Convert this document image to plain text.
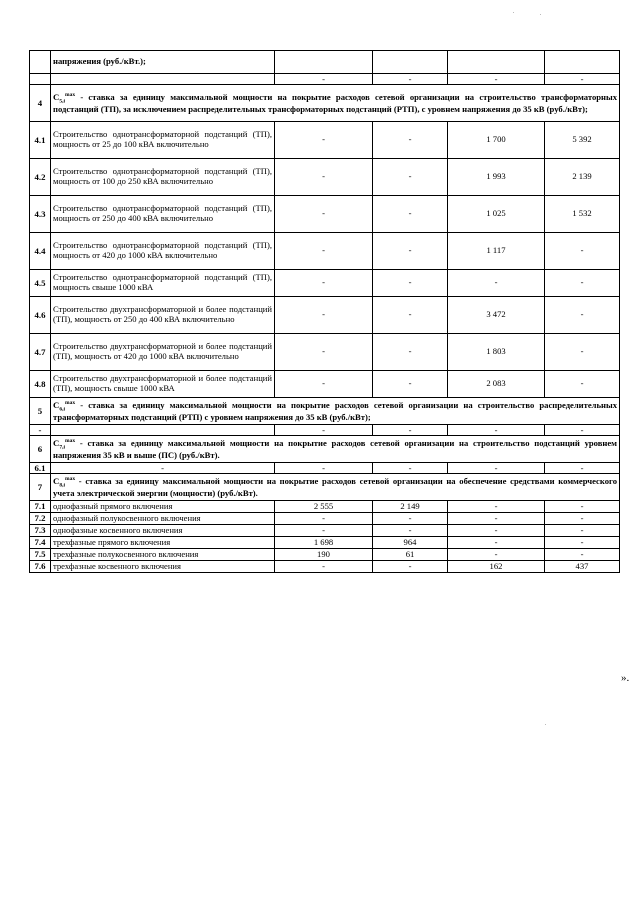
	напряжения (руб./кВт.);				
		-	-	-	-
4	$C_{5,i}^{max}$ - ставка за единицу максимальной мощности на покрытие расходов сетевой организации на строительство трансформаторных подстанций (ТП), за исключением распределительных трансформаторных подстанций (РТП), с уровнем напряжения до 35 кВ (руб./кВт);				
4.1	Строительство однотрансформаторной подстанций (ТП), мощность от 25 до 100 кВА включительно	-	-	1 700	5 392
4.2	Строительство однотрансформаторной подстанций (ТП), мощность от 100 до 250 кВА включительно	-	-	1 993	2 139
4.3	Строительство однотрансформаторной подстанций (ТП), мощность от 250 до 400 кВА включительно	-	-	1 025	1 532
4.4	Строительство однотрансформаторной подстанций (ТП), мощность от 420 до 1000 кВА включительно	-	-	1 117	-
4.5	Строительство однотрансформаторной подстанций (ТП), мощность свыше 1000 кВА	-	-	-	-
4.6	Строительство двухтрансформаторной и более подстанций (ТП), мощность от 250 до 400 кВА включительно	-	-	3 472	-
4.7	Строительство двухтрансформаторной и более подстанций (ТП), мощность от 420 до 1000 кВА включительно	-	-	1 803	-
4.8	Строительство двухтрансформаторной и более подстанций (ТП), мощность свыше 1000 кВА	-	-	2 083	-
5	$C_{6,i}^{max}$ - ставка за единицу максимальной мощности на покрытие расходов сетевой организации на строительство распределительных трансформаторных подстанций (РТП) с уровнем напряжения до 35 кВ (руб./кВт);				
-		-	-	-	-
6	$C_{7,i}^{max}$ - ставка за единицу максимальной мощности на покрытие расходов сетевой организации на строительство подстанций уровнем напряжения 35 кВ и выше (ПС) (руб./кВт).				
6.1	-	-	-	-	-
7	$C_{8,i}^{max}$ - ставка за единицу максимальной мощности на покрытие расходов сетевой организации на обеспечение средствами коммерческого учета электрической энергии (мощности) (руб./кВт).				
7.1	однофазный прямого включения	2 555	2 149	-	-
7.2	однофазный полукосвенного включения	-	-	-	-
7.3	однофазные косвенного включения	-	-	-	-
7.4	трехфазные прямого включения	1 698	964	-	-
7.5	трехфазные полукосвенного включения	190	61	-	-
7.6	трехфазные косвенного включения	-	-	162	437
».
